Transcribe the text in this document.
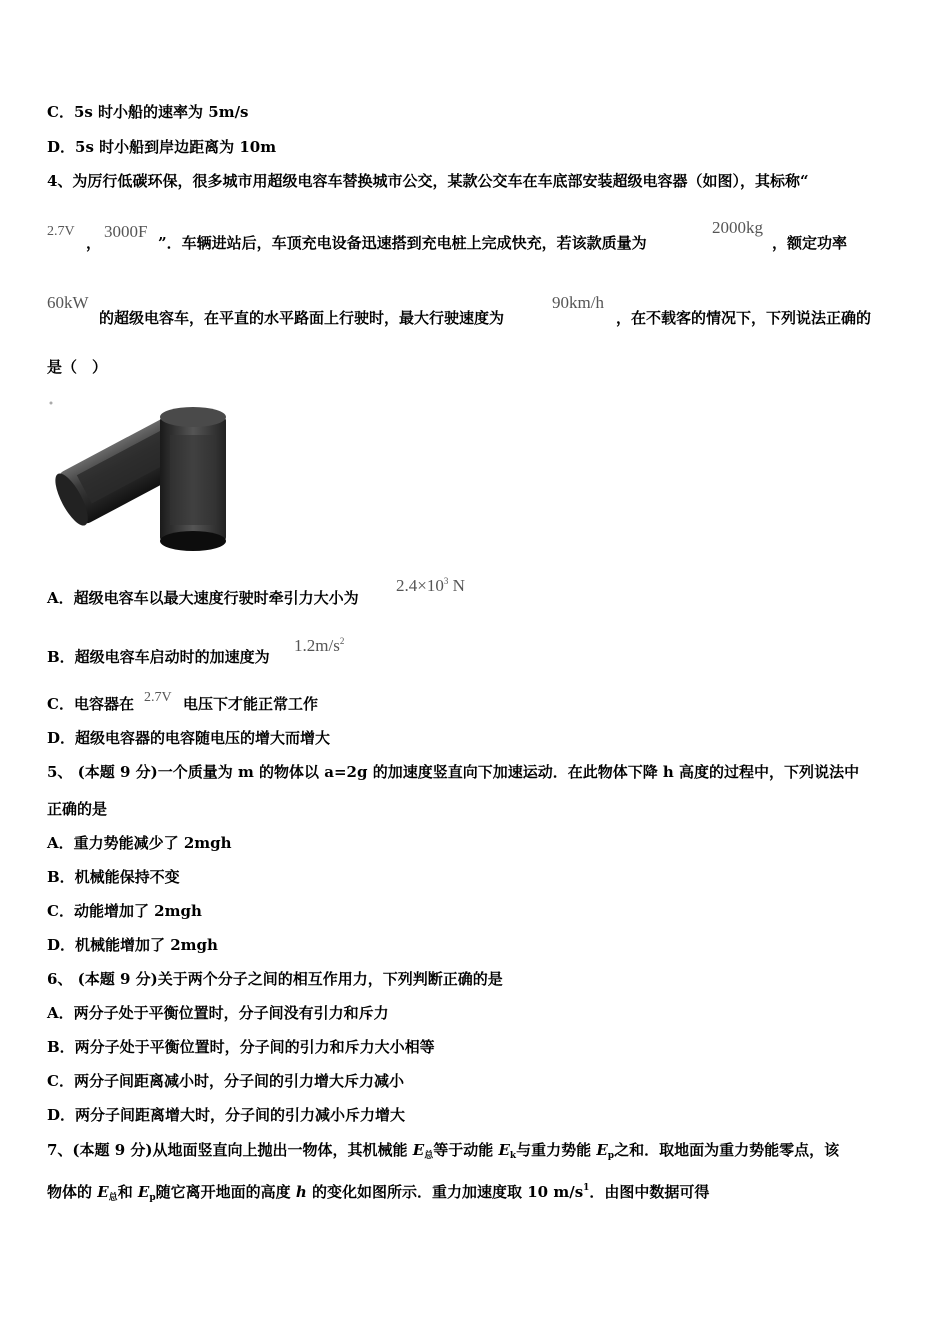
C．5s 时小船的速率为 5m/s
D．5s 时小船到岸边距离为 10m
4、为厉行低碳环保，很多城市用超级电容车替换城市公交，某款公交车在车底部安装超级电容器（如图），其标称“
2.7V
，
3000F
”．车辆进站后，车顶充电设备迅速搭到充电桩上完成快充，若该款质量为
2000kg
，额定功率
60kW
的超级电容车，在平直的水平路面上行驶时，最大行驶速度为
90km/h
，在不载客的情况下，下列说法正确的
是（　）
A．超级电容车以最大速度行驶时牵引力大小为
$2.4\times 10^3$ N
B．超级电容车启动时的加速度为
$1.2m/s^2$
C．电容器在 2.7V 电压下才能正常工作
D．超级电容器的电容随电压的增大而增大
5、 (本题 9 分)一个质量为 m 的物体以 a=2g 的加速度竖直向下加速运动．在此物体下降 h 高度的过程中，下列说法中
正确的是
A．重力势能减少了 2mgh
B．机械能保持不变
C．动能增加了 2mgh
D．机械能增加了 2mgh
6、 (本题 9 分)关于两个分子之间的相互作用力，下列判断正确的是
A．两分子处于平衡位置时，分子间没有引力和斥力
B．两分子处于平衡位置时，分子间的引力和斥力大小相等
C．两分子间距离减小时，分子间的引力增大斥力减小
D．两分子间距离增大时，分子间的引力减小斥力增大
7、(本题 9 分)从地面竖直向上抛出一物体，其机械能 $E_总$等于动能 $E_k$与重力势能 $E_p$之和．取地面为重力势能零点，该
物体的 $E_总$和 $E_p$随它离开地面的高度 h 的变化如图所示．重力加速度取 10 $m/s^1$．由图中数据可得
